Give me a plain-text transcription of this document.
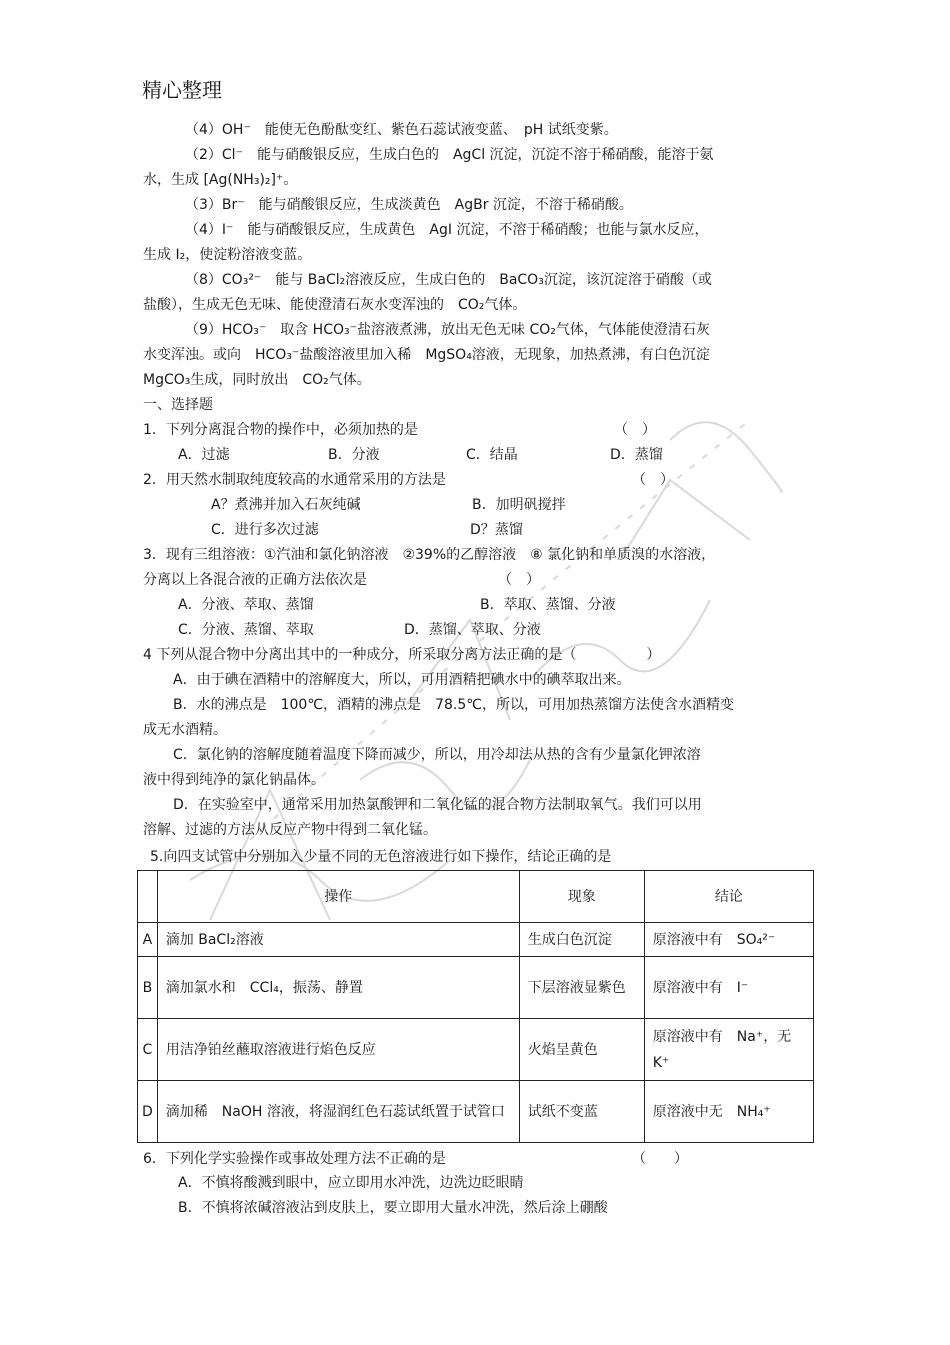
精心整理
（4）OH⁻　能使无色酚酞变红、紫色石蕊试液变蓝、　pH 试纸变紫。
（2）Cl⁻　能与硝酸银反应，生成白色的　AgCl 沉淀，沉淀不溶于稀硝酸，能溶于氨
水，生成 [Ag(NH₃)₂]⁺。
（3）Br⁻　能与硝酸银反应，生成淡黄色　AgBr 沉淀，不溶于稀硝酸。
（4）I⁻　能与硝酸银反应，生成黄色　AgI 沉淀，不溶于稀硝酸；也能与氯水反应，
生成 I₂，使淀粉溶液变蓝。
（8）CO₃²⁻　能与 BaCl₂溶液反应，生成白色的　BaCO₃沉淀，该沉淀溶于硝酸（或
盐酸），生成无色无味、能使澄清石灰水变浑浊的　CO₂气体。
（9）HCO₃⁻　取含 HCO₃⁻盐溶液煮沸，放出无色无味 CO₂气体，气体能使澄清石灰
水变浑浊。或向　HCO₃⁻盐酸溶液里加入稀　MgSO₄溶液，无现象，加热煮沸，有白色沉淀
MgCO₃生成，同时放出　CO₂气体。
一、选择题
1．下列分离混合物的操作中，必须加热的是	（　）
A．过滤	B．分液	C．结晶	D．蒸馏
2．用天然水制取纯度较高的水通常采用的方法是	（　）
A？煮沸并加入石灰纯碱	B．加明矾搅拌
C．进行多次过滤	D？蒸馏
3．现有三组溶液：①汽油和氯化钠溶液　②39%的乙醇溶液　⑧ 氯化钠和单质溴的水溶液，
分离以上各混合液的正确方法依次是	（　）
A．分液、萃取、蒸馏	B．萃取、蒸馏、分液
C．分液、蒸馏、萃取	D．蒸馏、萃取、分液
4 下列从混合物中分离出其中的一种成分，所采取分离方法正确的是（　　　　　）
A．由于碘在酒精中的溶解度大，所以，可用酒精把碘水中的碘萃取出来。
B．水的沸点是　100℃，酒精的沸点是　78.5℃，所以，可用加热蒸馏方法使含水酒精变
成无水酒精。
C．氯化钠的溶解度随着温度下降而减少，所以，用冷却法从热的含有少量氯化钾浓溶
液中得到纯净的氯化钠晶体。
D．在实验室中，通常采用加热氯酸钾和二氧化锰的混合物方法制取氧气。我们可以用
溶解、过滤的方法从反应产物中得到二氧化锰。
5.向四支试管中分别加入少量不同的无色溶液进行如下操作，结论正确的是
6．下列化学实验操作或事故处理方法不正确的是	（　　）
A．不慎将酸溅到眼中，应立即用水冲洗，边洗边眨眼睛
B．不慎将浓碱溶液沾到皮肤上，要立即用大量水冲洗，然后涂上硼酸
	操作	现象	结论
A	滴加 BaCl₂溶液	生成白色沉淀	原溶液中有　SO₄²⁻
B	滴加氯水和　CCl₄，振荡、静置	下层溶液显紫色	原溶液中有　I⁻
C	用洁净铂丝蘸取溶液进行焰色反应	火焰呈黄色	原溶液中有　Na⁺，无K⁺
D	滴加稀　NaOH 溶液，将湿润红色石蕊试纸置于试管口	试纸不变蓝	原溶液中无　NH₄⁺
